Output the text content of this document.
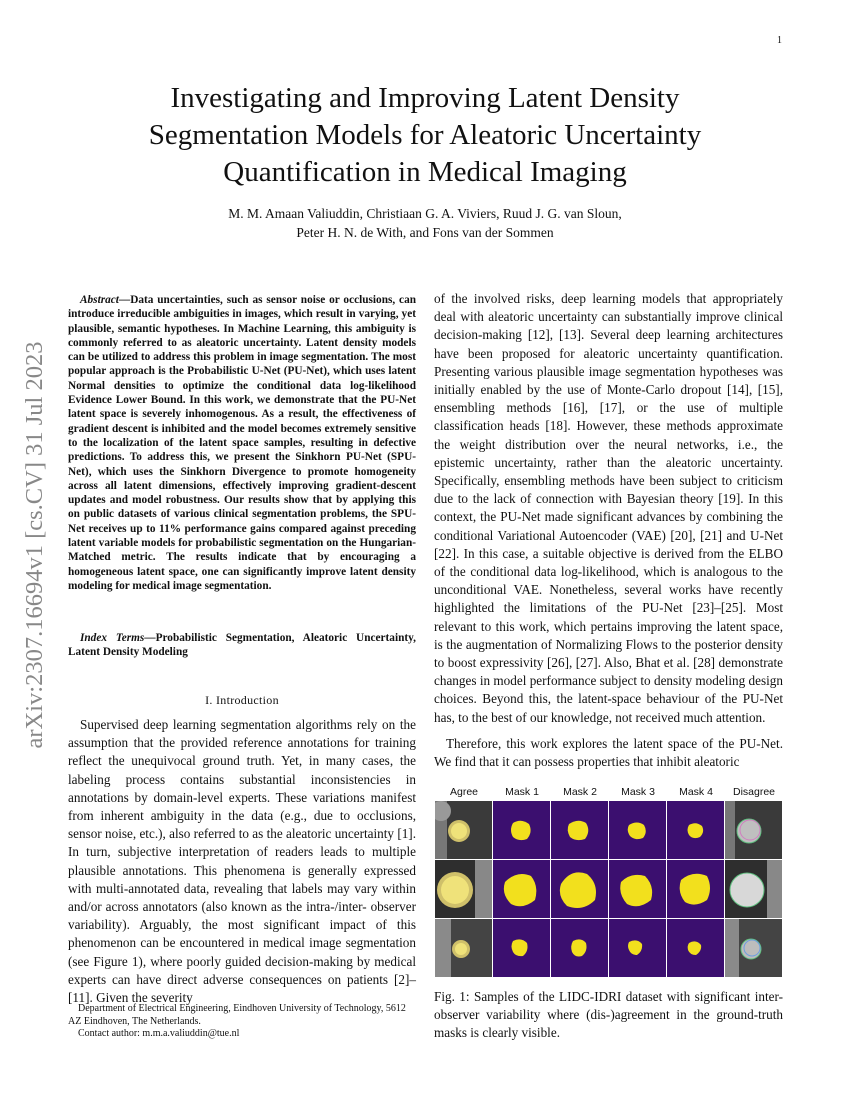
1
Investigating and Improving Latent Density
Segmentation Models for Aleatoric Uncertainty
Quantification in Medical Imaging
M. M. Amaan Valiuddin, Christiaan G. A. Viviers, Ruud J. G. van Sloun,
Peter H. N. de With, and Fons van der Sommen
arXiv:2307.16694v1 [cs.CV] 31 Jul 2023

Abstract—Data uncertainties, such as sensor noise or occlusions, can introduce irreducible ambiguities in images, which result in varying, yet plausible, semantic hypotheses. In Machine Learning, this ambiguity is commonly referred to as aleatoric uncertainty. Latent density models can be utilized to address this problem in image segmentation. The most popular approach is the Probabilistic U-Net (PU-Net), which uses latent Normal densities to optimize the conditional data log-likelihood Evidence Lower Bound. In this work, we demonstrate that the PU-Net latent space is severely inhomogenous. As a result, the effectiveness of gradient descent is inhibited and the model becomes extremely sensitive to the localization of the latent space samples, resulting in defective predictions. To address this, we present the Sinkhorn PU-Net (SPU-Net), which uses the Sinkhorn Divergence to promote homogeneity across all latent dimensions, effectively improving gradient-descent updates and model robustness. Our results show that by applying this on public datasets of various clinical segmentation problems, the SPU-Net receives up to 11% performance gains compared against preceding latent variable models for probabilistic segmentation on the Hungarian-Matched metric. The results indicate that by encouraging a homogeneous latent space, one can significantly improve latent density modeling for medical image segmentation.

Index Terms—Probabilistic Segmentation, Aleatoric Uncertainty, Latent Density Modeling

I. Introduction

Supervised deep learning segmentation algorithms rely on the assumption that the provided reference annotations for training reflect the unequivocal ground truth. Yet, in many cases, the labeling process contains substantial inconsistencies in annotations by domain-level experts. These variations manifest from inherent ambiguity in the data (e.g., due to occlusions, sensor noise, etc.), also referred to as the aleatoric uncertainty [1]. In turn, subjective interpretation of readers leads to multiple plausible annotations. This phenomena is generally expressed with multi-annotated data, revealing that labels may vary within and/or across annotators (also known as the intra-/inter- observer variability). Arguably, the most significant impact of this phenomenon can be encountered in medical image segmentation (see Figure 1), where poorly guided decision-making by medical experts can have direct adverse consequences on patients [2]–[11]. Given the severity

Department of Electrical Engineering, Eindhoven University of Technology, 5612 AZ Eindhoven, The Netherlands.
Contact author: m.m.a.valiuddin@tue.nl

of the involved risks, deep learning models that appropriately deal with aleatoric uncertainty can substantially improve clinical decision-making [12], [13]. Several deep learning architectures have been proposed for aleatoric uncertainty quantification. Presenting various plausible image segmentation hypotheses was initially enabled by the use of Monte-Carlo dropout [14], [15], ensembling methods [16], [17], or the use of multiple classification heads [18]. However, these methods approximate the weight distribution over the neural networks, i.e., the epistemic uncertainty, rather than the aleatoric uncertainty. Specifically, ensembling methods have been subject to criticism due to the lack of connection with Bayesian theory [19]. In this context, the PU-Net made significant advances by combining the conditional Variational Autoencoder (VAE) [20], [21] and U-Net [22]. In this case, a suitable objective is derived from the ELBO of the conditional data log-likelihood, which is analogous to the unconditional VAE. Nonetheless, several works have recently highlighted the limitations of the PU-Net [23]–[25]. Most relevant to this work, which pertains improving the latent space, is the augmentation of Normalizing Flows to the posterior density to boost expressivity [26], [27]. Also, Bhat et al. [28] demonstrate changes in model performance subject to density modeling design choices. Beyond this, the latent-space behaviour of the PU-Net has, to the best of our knowledge, not received much attention.

Therefore, this work explores the latent space of the PU-Net. We find that it can possess properties that inhibit aleatoric

Agree	Mask 1	Mask 2	Mask 3	Mask 4	Disagree
Fig. 1: Samples of the LIDC-IDRI dataset with significant inter-observer variability where (dis-)agreement in the ground-truth masks is clearly visible.
